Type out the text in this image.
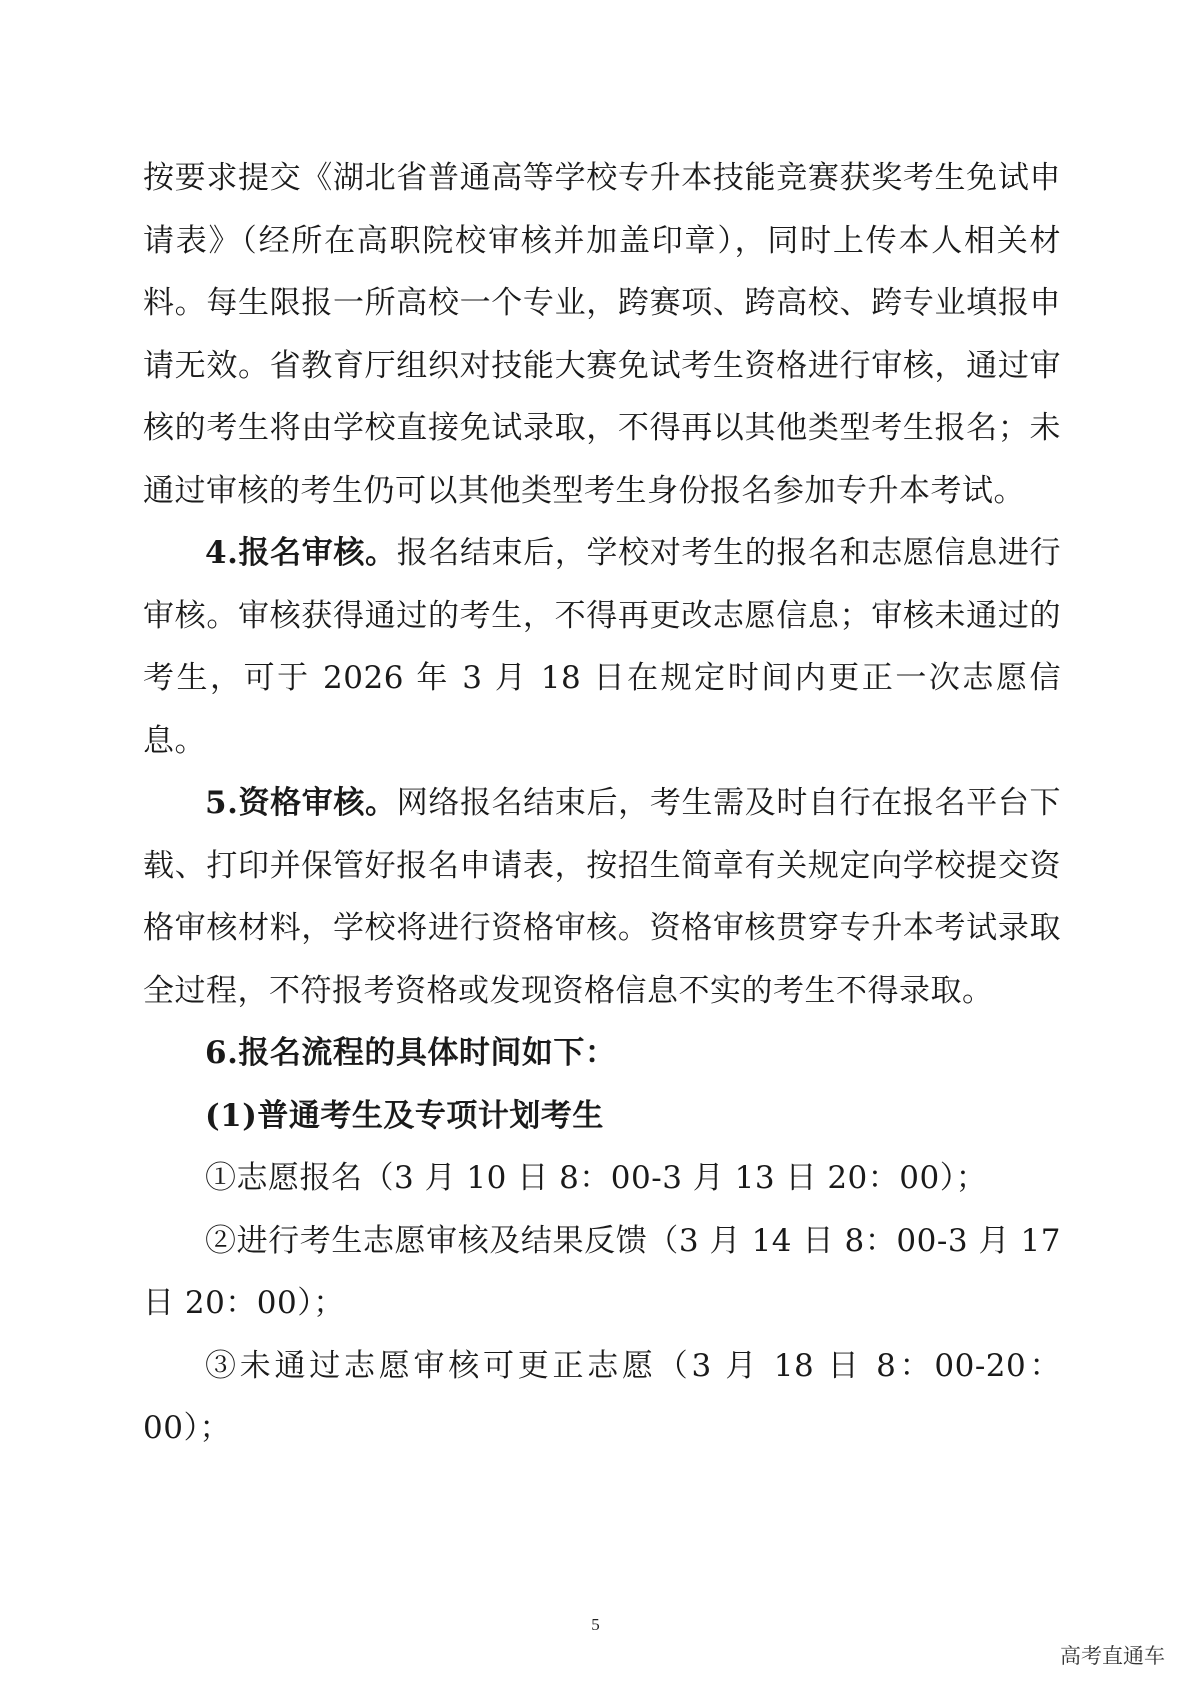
按要求提交《湖北省普通高等学校专升本技能竞赛获奖考生免试申请表》（经所在高职院校审核并加盖印章），同时上传本人相关材料。每生限报一所高校一个专业，跨赛项、跨高校、跨专业填报申请无效。省教育厅组织对技能大赛免试考生资格进行审核，通过审核的考生将由学校直接免试录取，不得再以其他类型考生报名；未通过审核的考生仍可以其他类型考生身份报名参加专升本考试。

4.报名审核。报名结束后，学校对考生的报名和志愿信息进行审核。审核获得通过的考生，不得再更改志愿信息；审核未通过的考生，可于 2026 年 3 月 18 日在规定时间内更正一次志愿信息。

5.资格审核。网络报名结束后，考生需及时自行在报名平台下载、打印并保管好报名申请表，按招生简章有关规定向学校提交资格审核材料，学校将进行资格审核。资格审核贯穿专升本考试录取全过程，不符报考资格或发现资格信息不实的考生不得录取。

6.报名流程的具体时间如下：

(1)普通考生及专项计划考生

①志愿报名（3 月 10 日 8：00-3 月 13 日 20：00）；

②进行考生志愿审核及结果反馈（3 月 14 日 8：00-3 月 17 日 20：00）；

③未通过志愿审核可更正志愿（3 月 18 日 8：00-20：00）；

5
高考直通车
